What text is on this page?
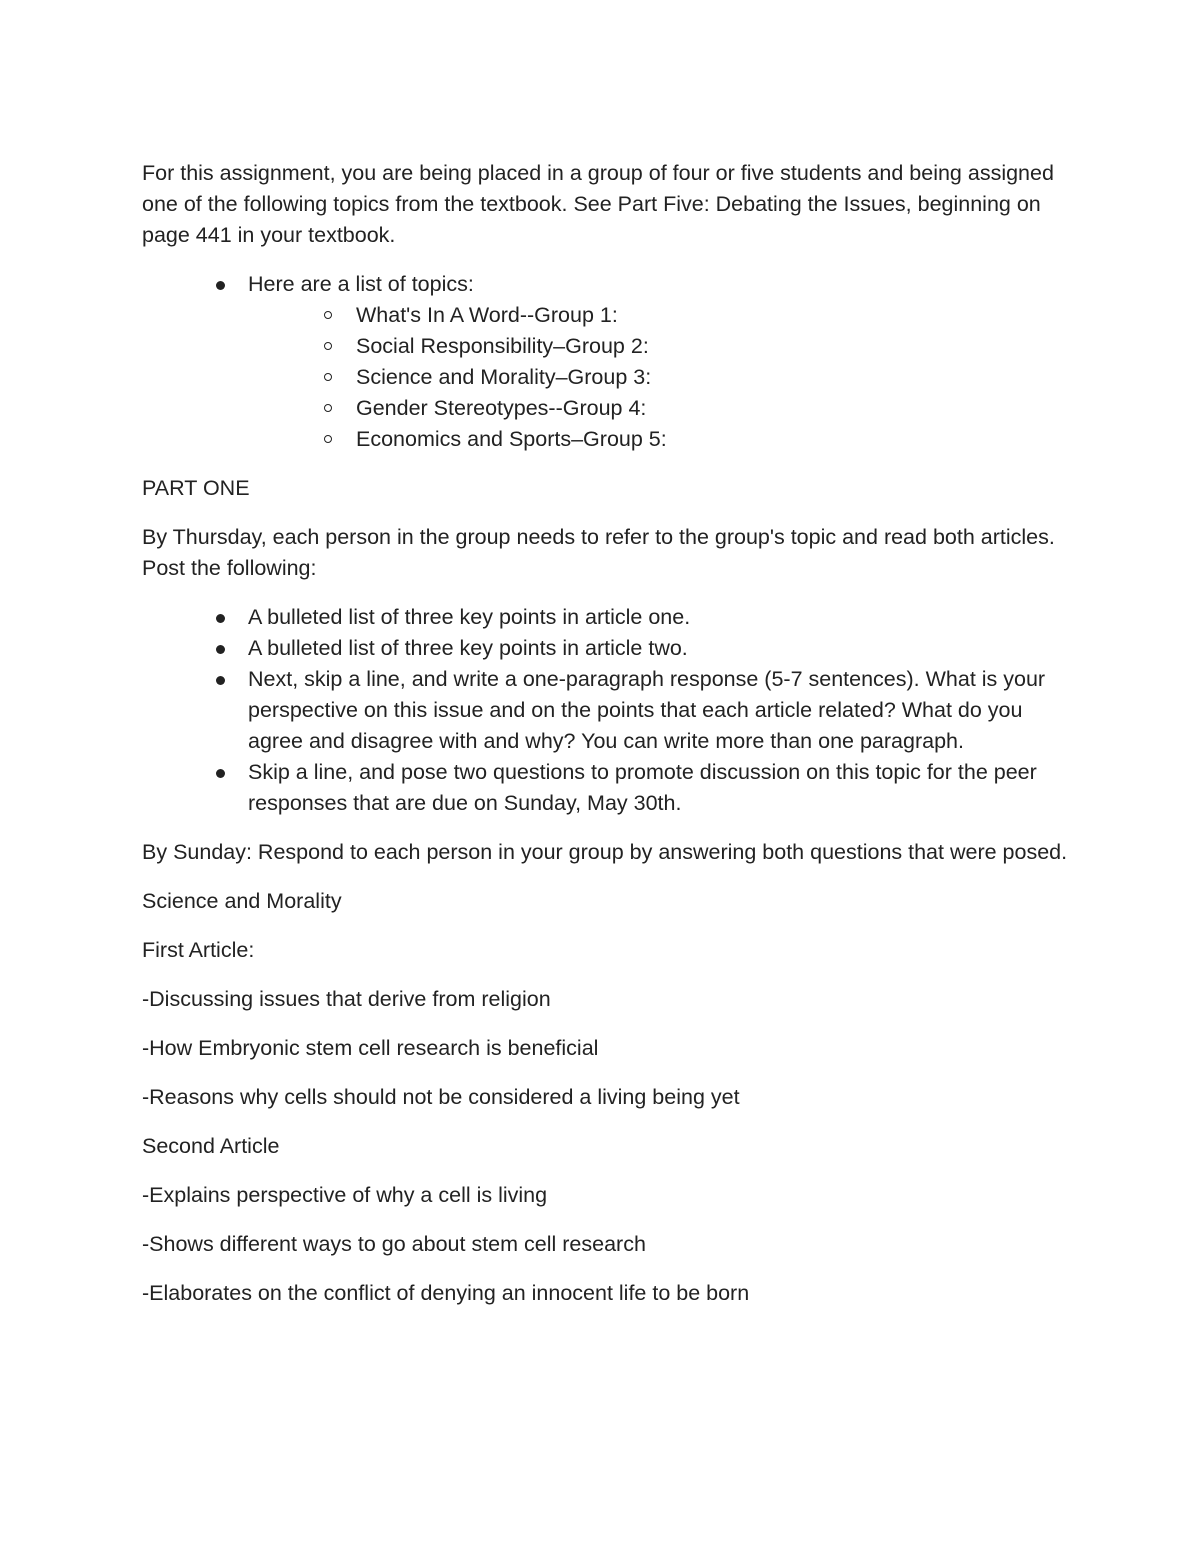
For this assignment, you are being placed in a group of four or five students and being assigned one of the following topics from the textbook. See Part Five: Debating the Issues, beginning on page 441 in your textbook.

Here are a list of topics:
What's In A Word--Group 1:
Social Responsibility–Group 2:
Science and Morality–Group 3:
Gender Stereotypes--Group 4:
Economics and Sports–Group 5:

PART ONE

By Thursday, each person in the group needs to refer to the group's topic and read both articles. Post the following:

A bulleted list of three key points in article one.
A bulleted list of three key points in article two.
Next, skip a line, and write a one-paragraph response (5-7 sentences). What is your perspective on this issue and on the points that each article related? What do you agree and disagree with and why? You can write more than one paragraph.
Skip a line, and pose two questions to promote discussion on this topic for the peer responses that are due on Sunday, May 30th.

By Sunday: Respond to each person in your group by answering both questions that were posed.

Science and Morality

First Article:

-Discussing issues that derive from religion

-How Embryonic stem cell research is beneficial

-Reasons why cells should not be considered a living being yet

Second Article

-Explains perspective of why a cell is living

-Shows different ways to go about stem cell research

-Elaborates on the conflict of denying an innocent life to be born
